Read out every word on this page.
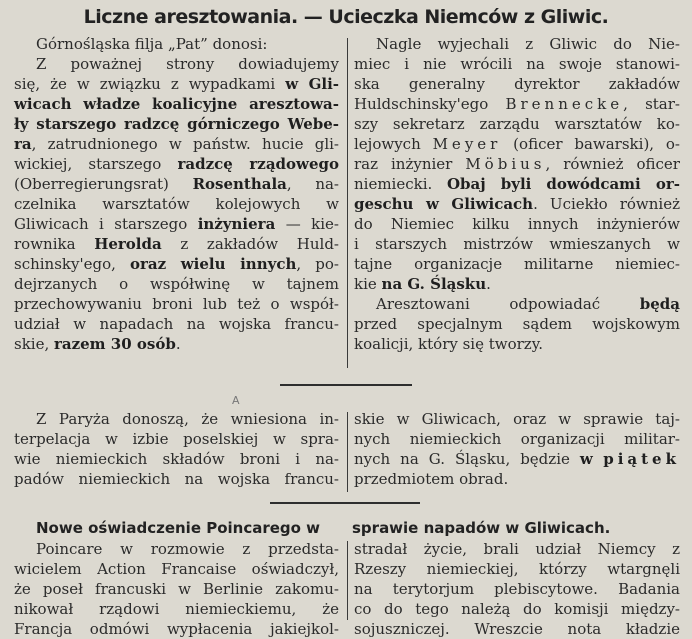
Liczne aresztowania. — Ucieczka Niemców z Gliwic.
Górnośląska filja „Pat” donosi:
Z poważnej strony dowiadujemy
się, że w związku z wypadkami w Gli-
wicach władze koalicyjne aresztowa-
ły starszego radzcę górniczego Webe-
ra, zatrudnionego w państw. hucie gli-
wickiej, starszego radzcę rządowego
(Oberregierungsrat) Rosenthala, na-
czelnika warsztatów kolejowych w
Gliwicach i starszego inżyniera — kie-
rownika Herolda z zakładów Huld-
schinsky'ego, oraz wielu innych, po-
dejrzanych o współwinę w tajnem
przechowywaniu broni lub też o współ-
udział w napadach na wojska francu-
skie, razem 30 osób.
Nagle wyjechali z Gliwic do Nie-
miec i nie wrócili na swoje stanowi-
ska generalny dyrektor zakładów
Huldschinsky'ego Brennecke, star-
szy sekretarz zarządu warsztatów ko-
lejowych Meyer (oficer bawarski), o-
raz inżynier Möbius, również oficer
niemiecki. Obaj byli dowódcami or-
geschu w Gliwicach. Uciekło również
do Niemiec kilku innych inżynierów
i starszych mistrzów wmieszanych w
tajne organizacje militarne niemiec-
kie na G. Śląsku.
Aresztowani odpowiadać będą
przed specjalnym sądem wojskowym
koalicji, który się tworzy.
A
Z Paryża donoszą, że wniesiona in-
terpelacja w izbie poselskiej w spra-
wie niemieckich składów broni i na-
padów niemieckich na wojska francu-
skie w Gliwicach, oraz w sprawie taj-
nych niemieckich organizacji militar-
nych na G. Śląsku, będzie w piątek
przedmiotem obrad.
Nowe oświadczenie Poincarego w sprawie napadów w Gliwicach.
Poincare w rozmowie z przedsta-
wicielem Action Francaise oświadczył,
że poseł francuski w Berlinie zakomu-
nikował rządowi niemieckiemu, że
Francja odmówi wypłacenia jakiejkol-
stradał życie, brali udział Niemcy z
Rzeszy niemieckiej, którzy wtargnęli
na terytorjum plebiscytowe. Badania
co do tego należą do komisji między-
sojuszniczej. Wreszcie nota kładzie
